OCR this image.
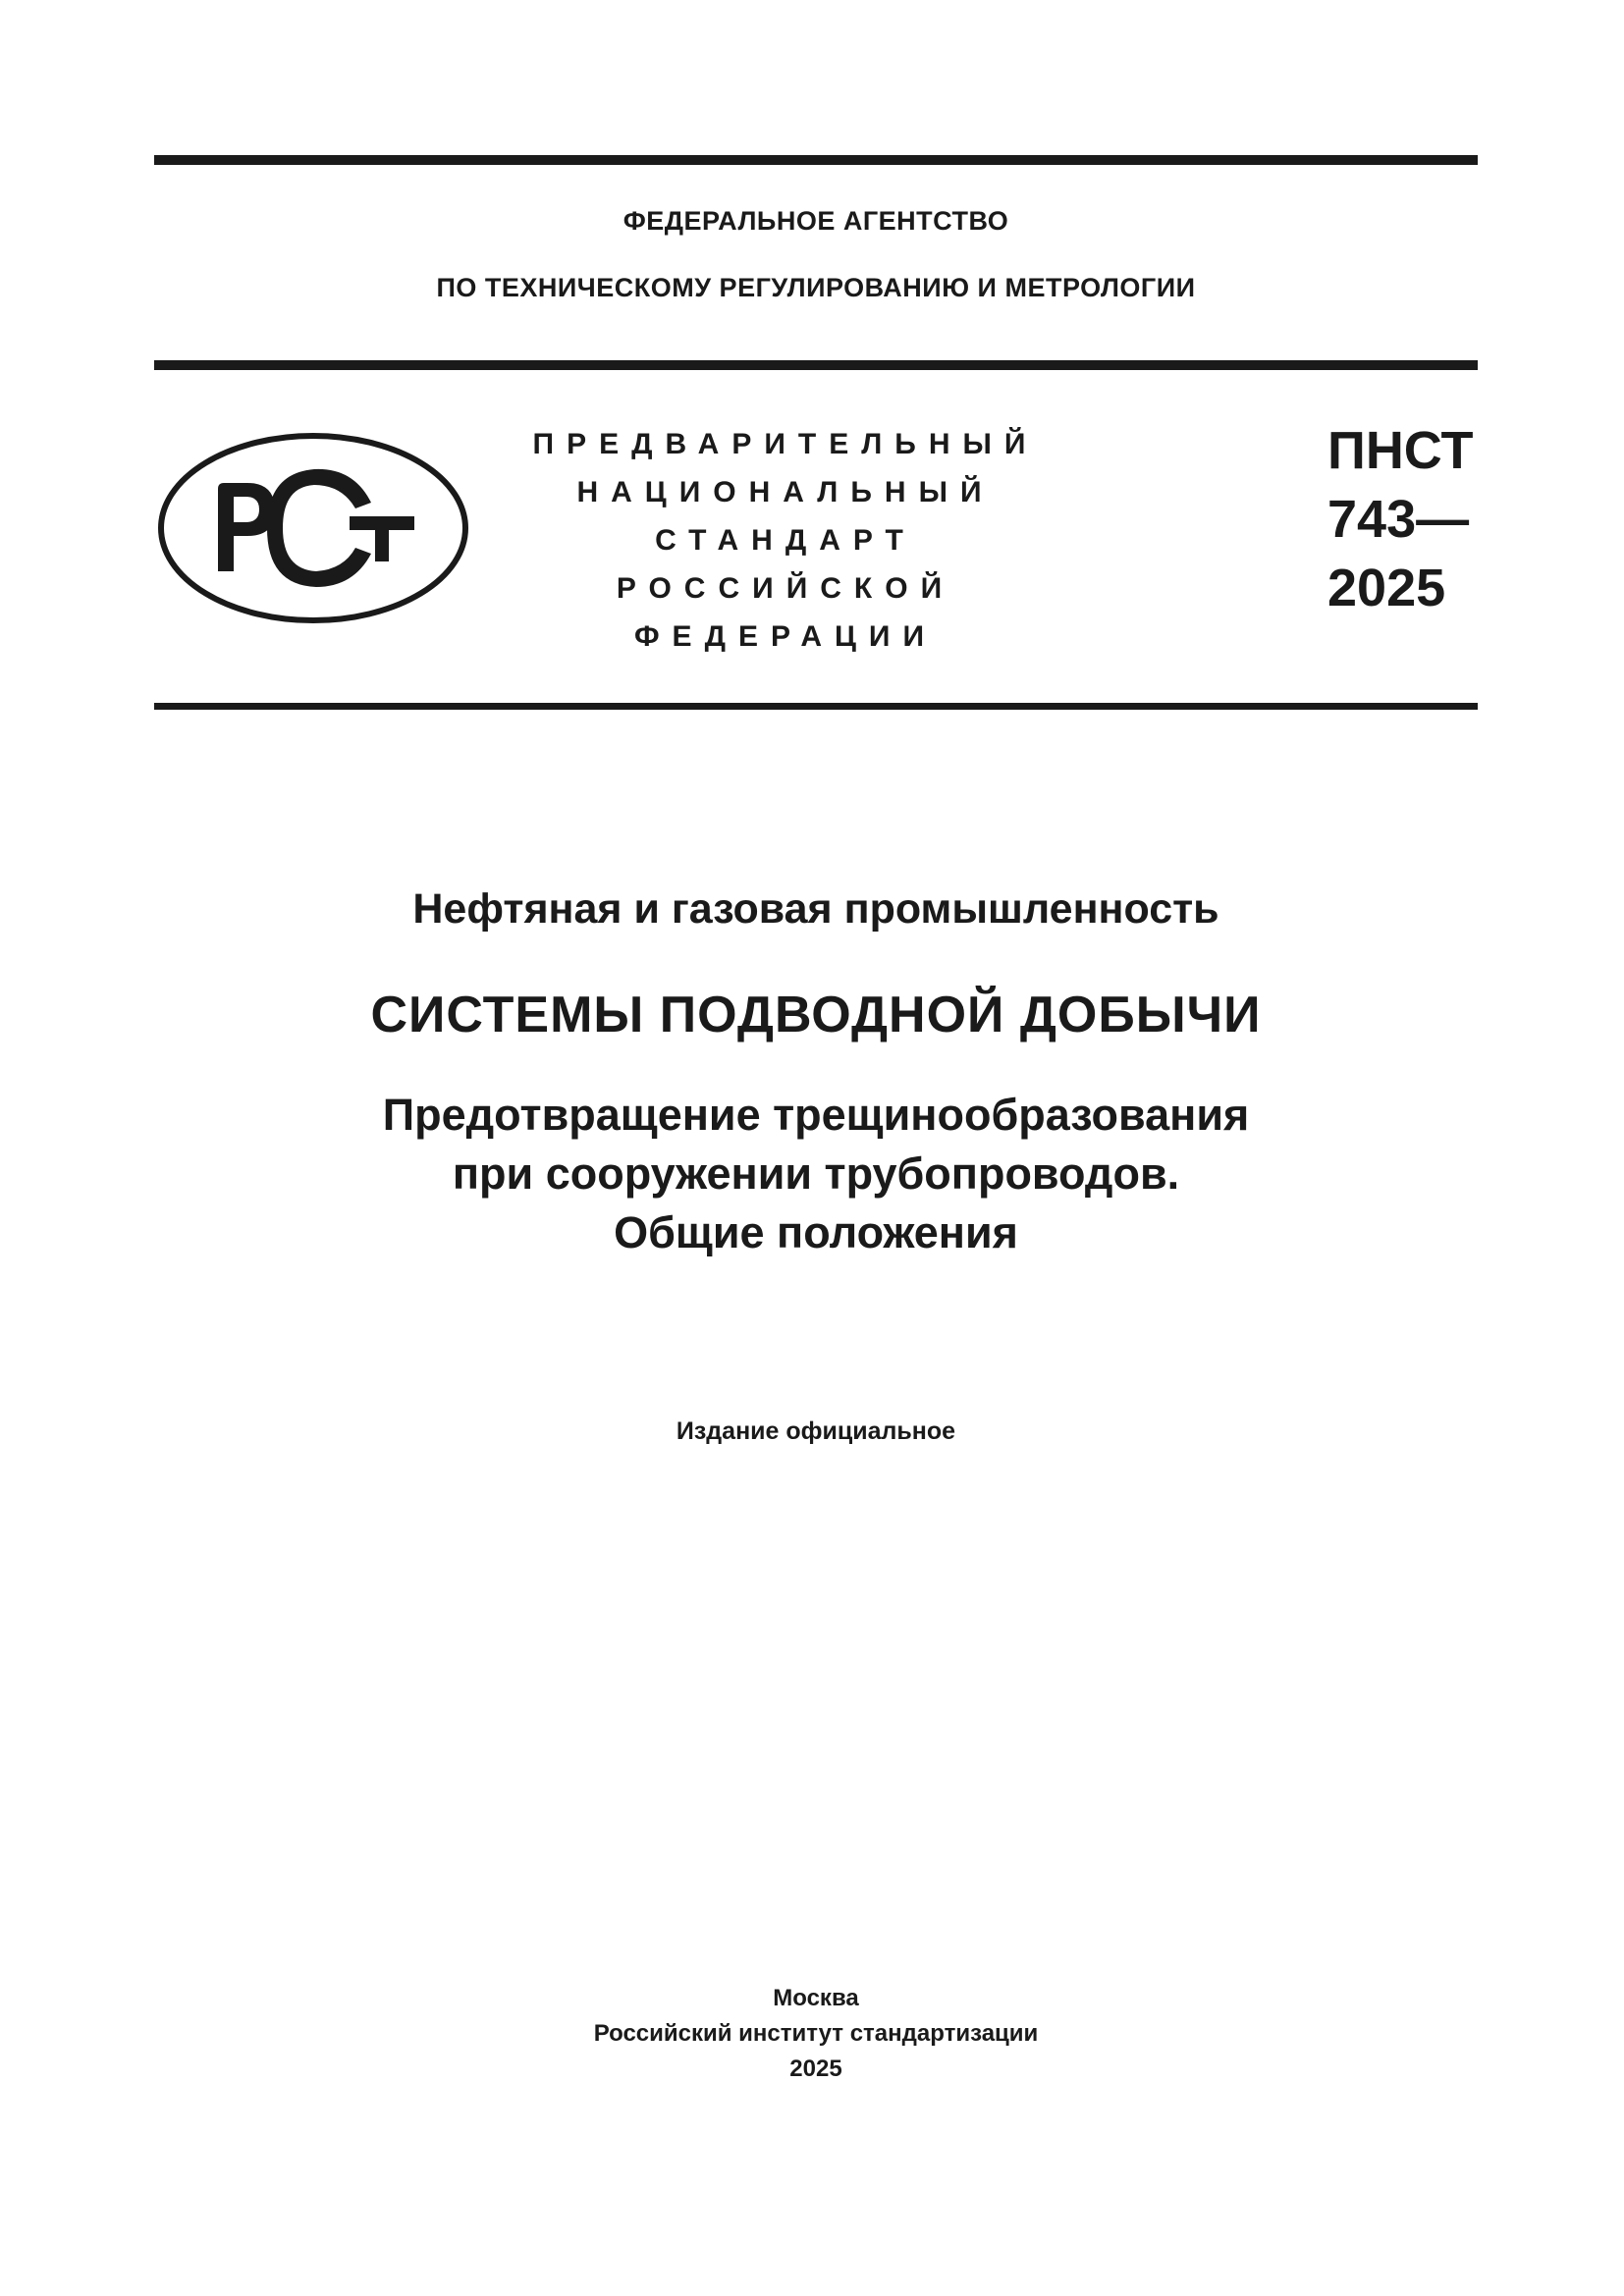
ФЕДЕРАЛЬНОЕ АГЕНТСТВО
ПО ТЕХНИЧЕСКОМУ РЕГУЛИРОВАНИЮ И МЕТРОЛОГИИ
ПРЕДВАРИТЕЛЬНЫЙ
НАЦИОНАЛЬНЫЙ
СТАНДАРТ
РОССИЙСКОЙ
ФЕДЕРАЦИИ
ПНСТ
743—
2025
Нефтяная и газовая промышленность
СИСТЕМЫ ПОДВОДНОЙ ДОБЫЧИ
Предотвращение трещинообразования
при сооружении трубопроводов.
Общие положения
Издание официальное
Москва
Российский институт стандартизации
2025
